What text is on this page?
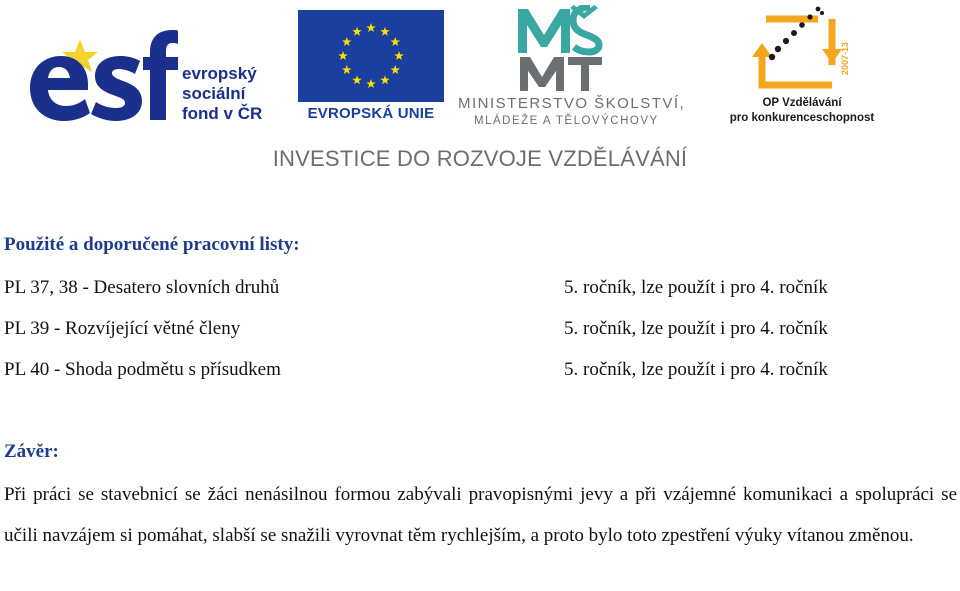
evropský
sociální
fond v ČR	EVROPSKÁ UNIE
MINISTERSTVO ŠKOLSTVÍ,
MLÁDEŽE A TĚLOVÝCHOVY
2007-13
OP Vzdělávání
pro konkurenceschopnost
INVESTICE DO ROZVOJE VZDĚLÁVÁNÍ
Použité a doporučené pracovní listy:
PL 37, 38 - Desatero slovních druhů	5. ročník, lze použít i pro 4. ročník
PL 39 - Rozvíjející větné členy	5. ročník, lze použít i pro 4. ročník
PL 40 - Shoda podmětu s přísudkem	5. ročník, lze použít i pro 4. ročník
Závěr:
Při práci se stavebnicí se žáci nenásilnou formou zabývali pravopisnými jevy a při vzájemné komunikaci a spolupráci se učili navzájem si pomáhat, slabší se snažili vyrovnat těm rychlejším, a proto bylo toto zpestření výuky vítanou změnou.
